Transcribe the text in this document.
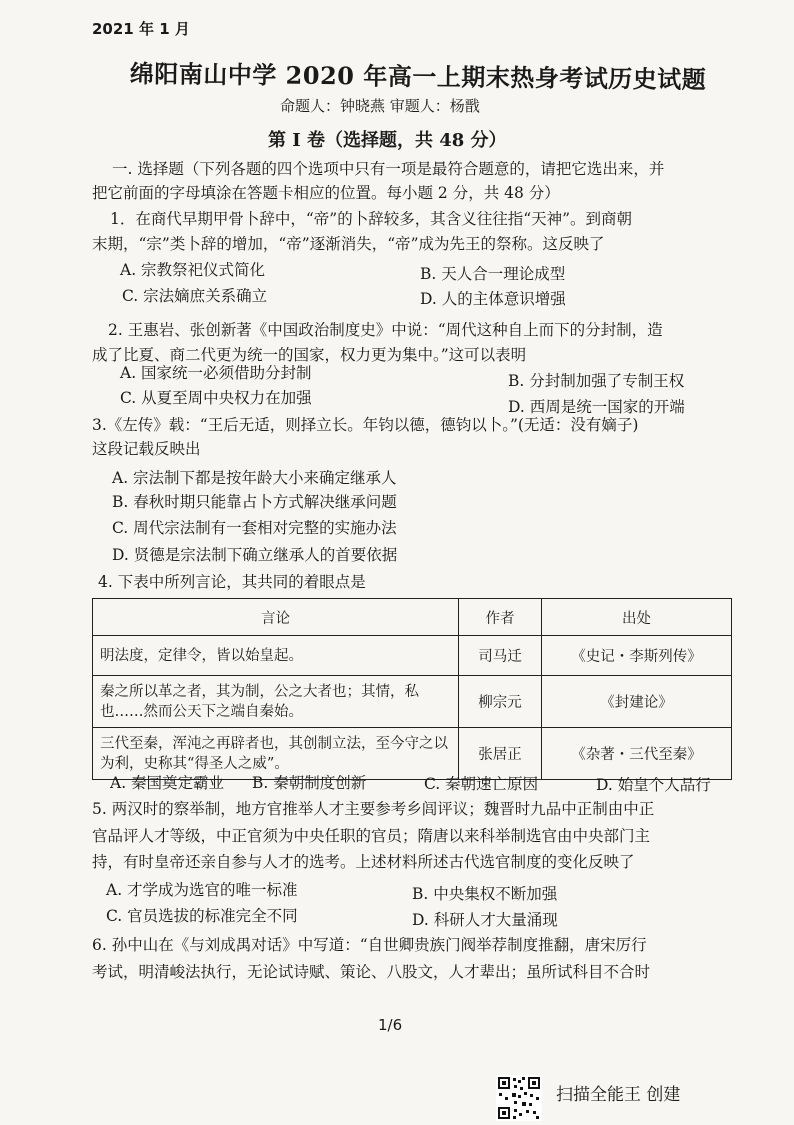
2021 年 1 月
绵阳南山中学 2020 年高一上期末热身考试历史试题
命题人：钟晓燕 审题人：杨戬
第 I 卷（选择题，共 48 分）
一. 选择题（下列各题的四个选项中只有一项是最符合题意的，请把它选出来，并
把它前面的字母填涂在答题卡相应的位置。每小题 2 分，共 48 分）
1．在商代早期甲骨卜辞中，“帝”的卜辞较多，其含义往往指“天神”。到商朝
末期，“宗”类卜辞的增加，“帝”逐渐消失，“帝”成为先王的祭称。这反映了
A. 宗教祭祀仪式简化	B. 天人合一理论成型
C. 宗法嫡庶关系确立	D. 人的主体意识增强
2. 王惠岩、张创新著《中国政治制度史》中说：“周代这种自上而下的分封制，造
成了比夏、商二代更为统一的国家，权力更为集中。”这可以表明
A. 国家统一必须借助分封制	B. 分封制加强了专制王权
C. 从夏至周中央权力在加强	D. 西周是统一国家的开端
3.《左传》载：“王后无适，则择立长。年钧以德，德钧以卜。”(无适：没有嫡子)
这段记载反映出
A. 宗法制下都是按年龄大小来确定继承人
B. 春秋时期只能靠占卜方式解决继承问题
C. 周代宗法制有一套相对完整的实施办法
D. 贤德是宗法制下确立继承人的首要依据
4. 下表中所列言论，其共同的着眼点是
言论	作者	出处
明法度，定律令，皆以始皇起。	司马迁	《史记・李斯列传》
秦之所以革之者，其为制，公之大者也；其情，私也……然而公天下之端自秦始。	柳宗元	《封建论》
三代至秦，浑沌之再辟者也，其创制立法，至今守之以为利，史称其“得圣人之威”。	张居正	《杂著・三代至秦》
A. 秦国奠定霸业 B. 秦朝制度创新	C. 秦朝速亡原因	D. 始皇个人品行
5. 两汉时的察举制，地方官推举人才主要参考乡闾评议；魏晋时九品中正制由中正
官品评人才等级，中正官须为中央任职的官员；隋唐以来科举制选官由中央部门主
持，有时皇帝还亲自参与人才的选考。上述材料所述古代选官制度的变化反映了
A. 才学成为选官的唯一标准	B. 中央集权不断加强
C. 官员选拔的标准完全不同	D. 科研人才大量涌现
6. 孙中山在《与刘成禺对话》中写道：“自世卿贵族门阀举荐制度推翻，唐宋厉行
考试，明清峻法执行，无论试诗赋、策论、八股文，人才辈出；虽所试科目不合时
1/6
扫描全能王 创建
